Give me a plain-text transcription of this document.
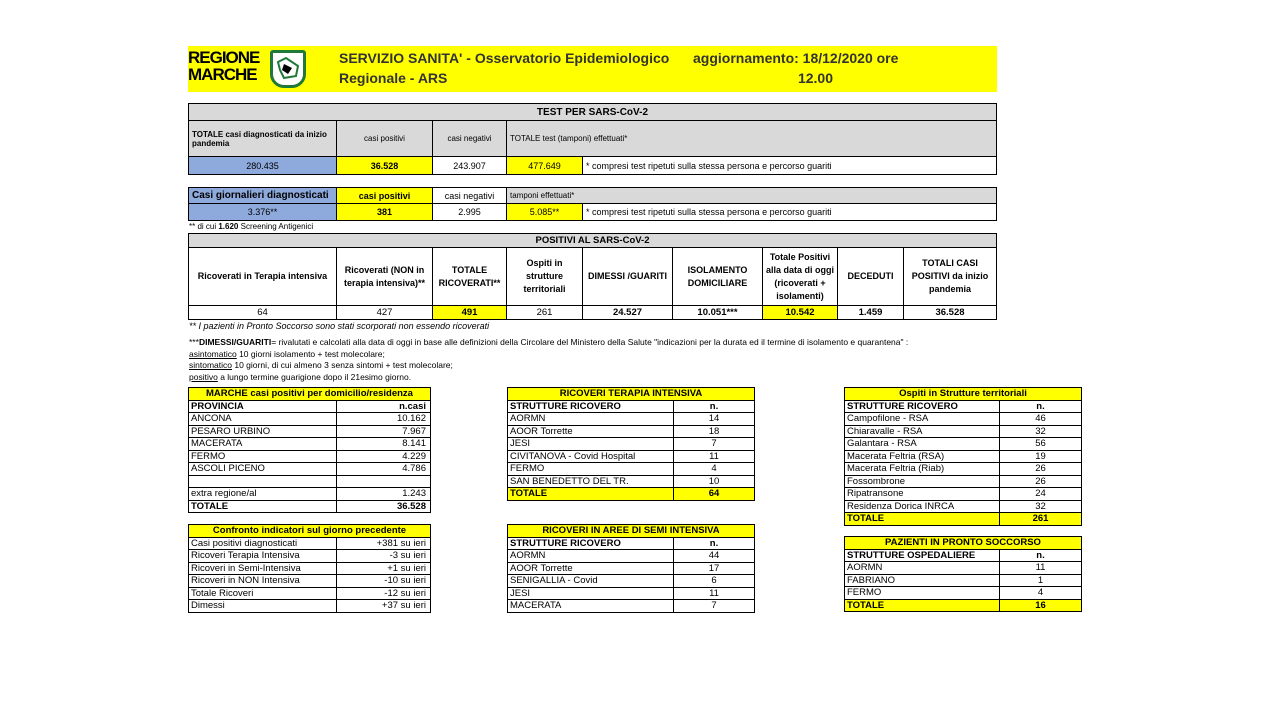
REGIONE
MARCHE
SERVIZIO SANITA' - Osservatorio Epidemiologico
Regionale - ARS
aggiornamento: 18/12/2020 ore
12.00
TEST PER SARS-CoV-2				
TOTALE casi diagnosticati da inizio pandemia	casi positivi	casi negativi	TOTALE test (tamponi) effettuati*	
280.435	36.528	243.907	477.649	* compresi test ripetuti sulla stessa persona e percorso guariti
Casi giornalieri diagnosticati	casi positivi	casi negativi	tamponi effettuati*	
3.376**	381	2.995	5.085**	* compresi test ripetuti sulla stessa persona e percorso guariti
** di cui 1.620 Screening Antigenici
POSITIVI AL SARS-CoV-2								
Ricoverati in Terapia intensiva	Ricoverati (NON in terapia intensiva)**	TOTALE RICOVERATI**	Ospiti in strutture territoriali	DIMESSI /GUARITI	ISOLAMENTO DOMICILIARE	Totale Positivi alla data di oggi (ricoverati + isolamenti)	DECEDUTI	TOTALI CASI POSITIVI da inizio pandemia
64	427	491	261	24.527	10.051***	10.542	1.459	36.528
** I pazienti in Pronto Soccorso sono stati scorporati non essendo ricoverati
***DIMESSI/GUARITI= rivalutati e calcolati alla data di oggi in base alle definizioni della Circolare del Ministero della Salute "indicazioni per la durata ed il termine di isolamento e quarantena" :
asintomatico 10 giorni isolamento + test molecolare;
sintomatico 10 giorni, di cui almeno 3 senza sintomi + test molecolare;
positivo a lungo termine guarigione dopo il 21esimo giorno.
MARCHE casi positivi per domicilio/residenza	
PROVINCIA	n.casi
ANCONA	10.162
PESARO URBINO	7.967
MACERATA	8.141
FERMO	4.229
ASCOLI PICENO	4.786

extra regione/al	1.243
TOTALE	36.528
RICOVERI TERAPIA INTENSIVA	
STRUTTURE RICOVERO	n.
AORMN	14
AOOR Torrette	18
JESI	7
CIVITANOVA - Covid Hospital	11
FERMO	4
SAN BENEDETTO DEL TR.	10
TOTALE	64
Ospiti in Strutture territoriali	
STRUTTURE RICOVERO	n.
Campofilone - RSA	46
Chiaravalle - RSA	32
Galantara - RSA	56
Macerata Feltria (RSA)	19
Macerata Feltria (Riab)	26
Fossombrone	26
Ripatransone	24
Residenza Dorica INRCA	32
TOTALE	261
Confronto indicatori sul giorno precedente	
Casi positivi diagnosticati	+381 su ieri
Ricoveri Terapia Intensiva	-3 su ieri
Ricoveri in Semi-Intensiva	+1 su ieri
Ricoveri in NON Intensiva	-10 su ieri
Totale Ricoveri	-12 su ieri
Dimessi	+37 su ieri
RICOVERI IN AREE DI SEMI INTENSIVA	
STRUTTURE RICOVERO	n.
AORMN	44
AOOR Torrette	17
SENIGALLIA - Covid	6
JESI	11
MACERATA	7
PAZIENTI IN PRONTO SOCCORSO	
STRUTTURE OSPEDALIERE	n.
AORMN	11
FABRIANO	1
FERMO	4
TOTALE	16
